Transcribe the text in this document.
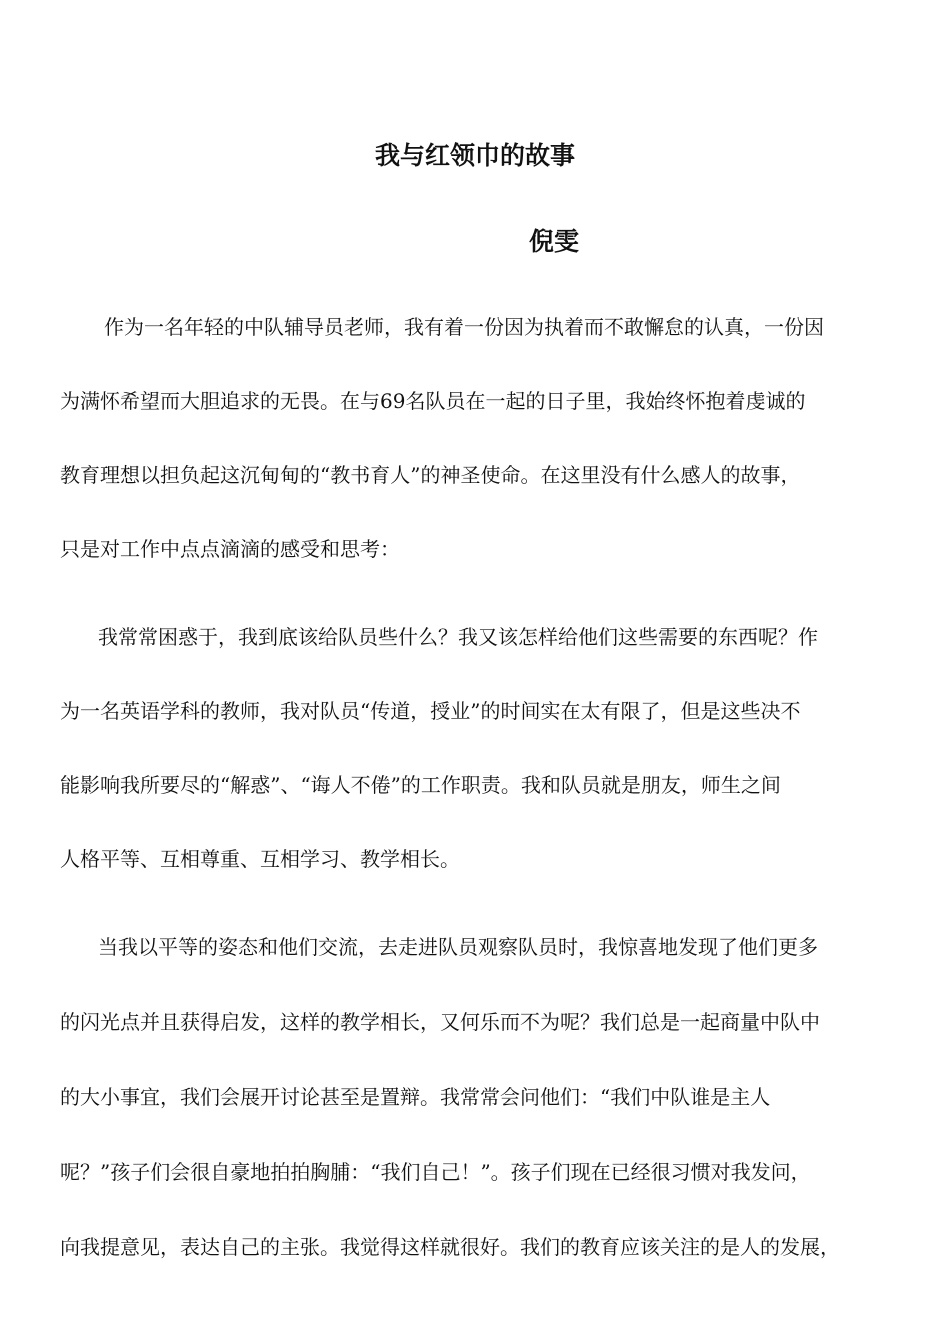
我与红领巾的故事
倪雯
作为一名年轻的中队辅导员老师，我有着一份因为执着而不敢懈怠的认真，一份因
为满怀希望而大胆追求的无畏。在与69名队员在一起的日子里，我始终怀抱着虔诚的
教育理想以担负起这沉甸甸的“教书育人”的神圣使命。在这里没有什么感人的故事，
只是对工作中点点滴滴的感受和思考：
我常常困惑于，我到底该给队员些什么？我又该怎样给他们这些需要的东西呢？作
为一名英语学科的教师，我对队员“传道，授业”的时间实在太有限了，但是这些决不
能影响我所要尽的“解惑”、“诲人不倦”的工作职责。我和队员就是朋友，师生之间
人格平等、互相尊重、互相学习、教学相长。
当我以平等的姿态和他们交流，去走进队员观察队员时，我惊喜地发现了他们更多
的闪光点并且获得启发，这样的教学相长，又何乐而不为呢？我们总是一起商量中队中
的大小事宜，我们会展开讨论甚至是置辩。我常常会问他们：“我们中队谁是主人
呢？”孩子们会很自豪地拍拍胸脯：“我们自己！”。孩子们现在已经很习惯对我发问，
向我提意见，表达自己的主张。我觉得这样就很好。我们的教育应该关注的是人的发展，
